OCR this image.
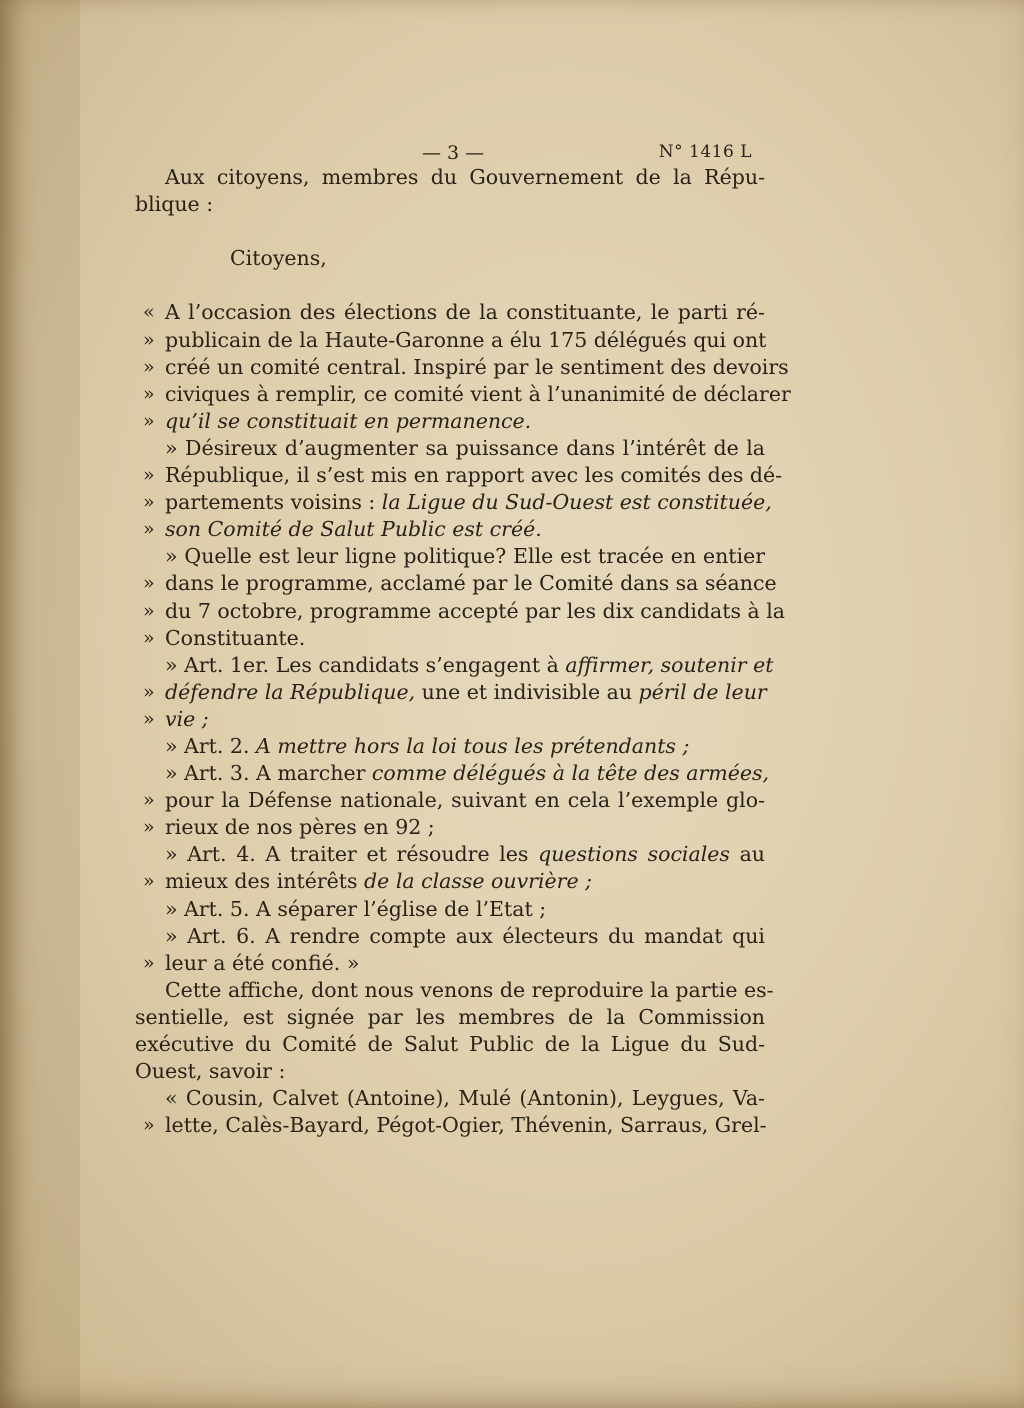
— 3 —	N° 1416 L
Aux citoyens, membres du Gouvernement de la Répu-
blique :
Citoyens,
« A l’occasion des élections de la constituante, le parti ré-
» publicain de la Haute-Garonne a élu 175 délégués qui ont
» créé un comité central. Inspiré par le sentiment des devoirs
» civiques à remplir, ce comité vient à l’unanimité de déclarer
» qu’il se constituait en permanence.
» Désireux d’augmenter sa puissance dans l’intérêt de la
» République, il s’est mis en rapport avec les comités des dé-
» partements voisins : la Ligue du Sud-Ouest est constituée,
» son Comité de Salut Public est créé.
» Quelle est leur ligne politique? Elle est tracée en entier
» dans le programme, acclamé par le Comité dans sa séance
» du 7 octobre, programme accepté par les dix candidats à la
» Constituante.
» Art. 1er. Les candidats s’engagent à affirmer, soutenir et
» défendre la République, une et indivisible au péril de leur
» vie ;
» Art. 2. A mettre hors la loi tous les prétendants ;
» Art. 3. A marcher comme délégués à la tête des armées,
» pour la Défense nationale, suivant en cela l’exemple glo-
» rieux de nos pères en 92 ;
» Art. 4. A traiter et résoudre les questions sociales au
» mieux des intérêts de la classe ouvrière ;
» Art. 5. A séparer l’église de l’Etat ;
» Art. 6. A rendre compte aux électeurs du mandat qui
» leur a été confié. »
Cette affiche, dont nous venons de reproduire la partie es-
sentielle, est signée par les membres de la Commission
exécutive du Comité de Salut Public de la Ligue du Sud-
Ouest, savoir :
« Cousin, Calvet (Antoine), Mulé (Antonin), Leygues, Va-
» lette, Calès-Bayard, Pégot-Ogier, Thévenin, Sarraus, Grel-
